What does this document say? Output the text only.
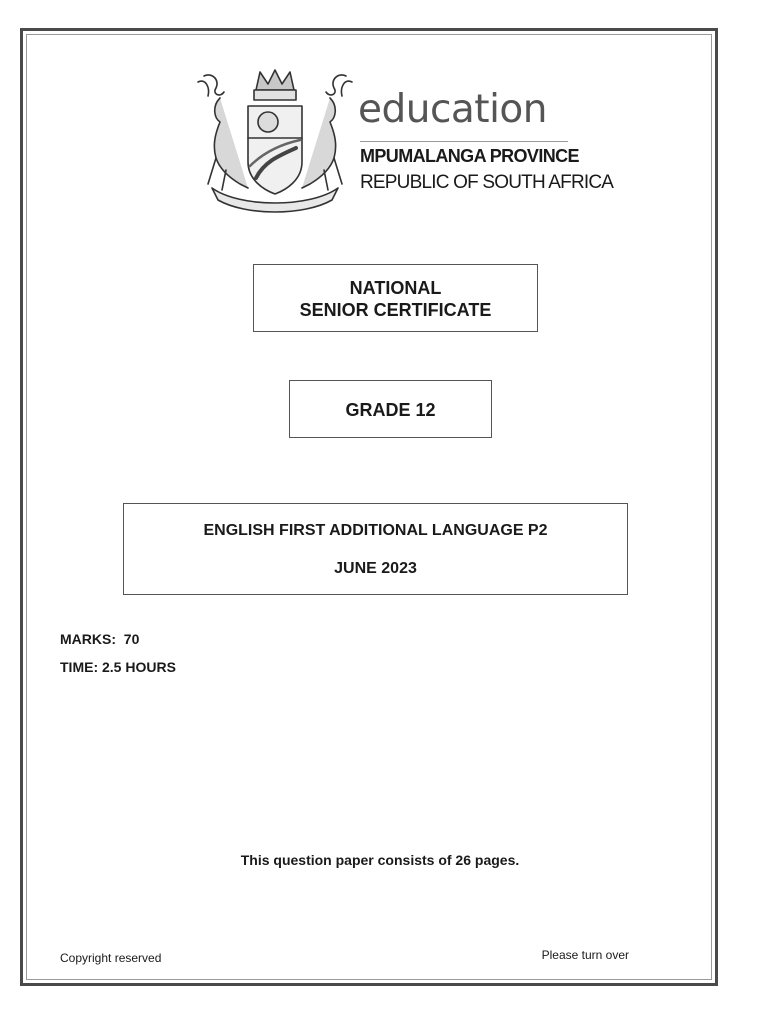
education
MPUMALANGA PROVINCE
REPUBLIC OF SOUTH AFRICA
NATIONAL
SENIOR CERTIFICATE
GRADE 12
ENGLISH FIRST ADDITIONAL LANGUAGE P2
JUNE 2023
MARKS: 70
TIME: 2.5 HOURS
This question paper consists of 26 pages.
Copyright reserved	Please turn over
